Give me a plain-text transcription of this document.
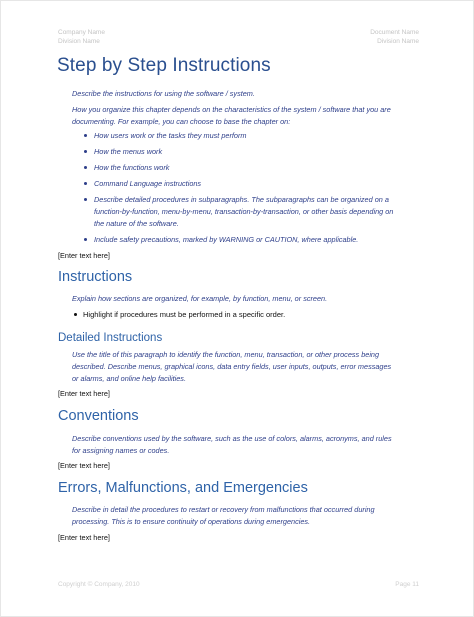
Company Name
Division Name
Document Name
Division Name
Step by Step Instructions
Describe the instructions for using the software / system.
How you organize this chapter depends on the characteristics of the system / software that you are
documenting. For example, you can choose to base the chapter on:
How users work or the tasks they must perform
How the menus work
How the functions work
Command Language instructions
Describe detailed procedures in subparagraphs. The subparagraphs can be organized on a
function-by-function, menu-by-menu, transaction-by-transaction, or other basis depending on
the nature of the software.
Include safety precautions, marked by WARNING or CAUTION, where applicable.
[Enter text here]
Instructions
Explain how sections are organized, for example, by function, menu, or screen.
Highlight if procedures must be performed in a specific order.
Detailed Instructions
Use the title of this paragraph to identify the function, menu, transaction, or other process being
described. Describe menus, graphical icons, data entry fields, user inputs, outputs, error messages
or alarms, and online help facilities.
[Enter text here]
Conventions
Describe conventions used by the software, such as the use of colors, alarms, acronyms, and rules
for assigning names or codes.
[Enter text here]
Errors, Malfunctions, and Emergencies
Describe in detail the procedures to restart or recovery from malfunctions that occurred during
processing. This is to ensure continuity of operations during emergencies.
[Enter text here]
Copyright © Company, 2010	Page 11
